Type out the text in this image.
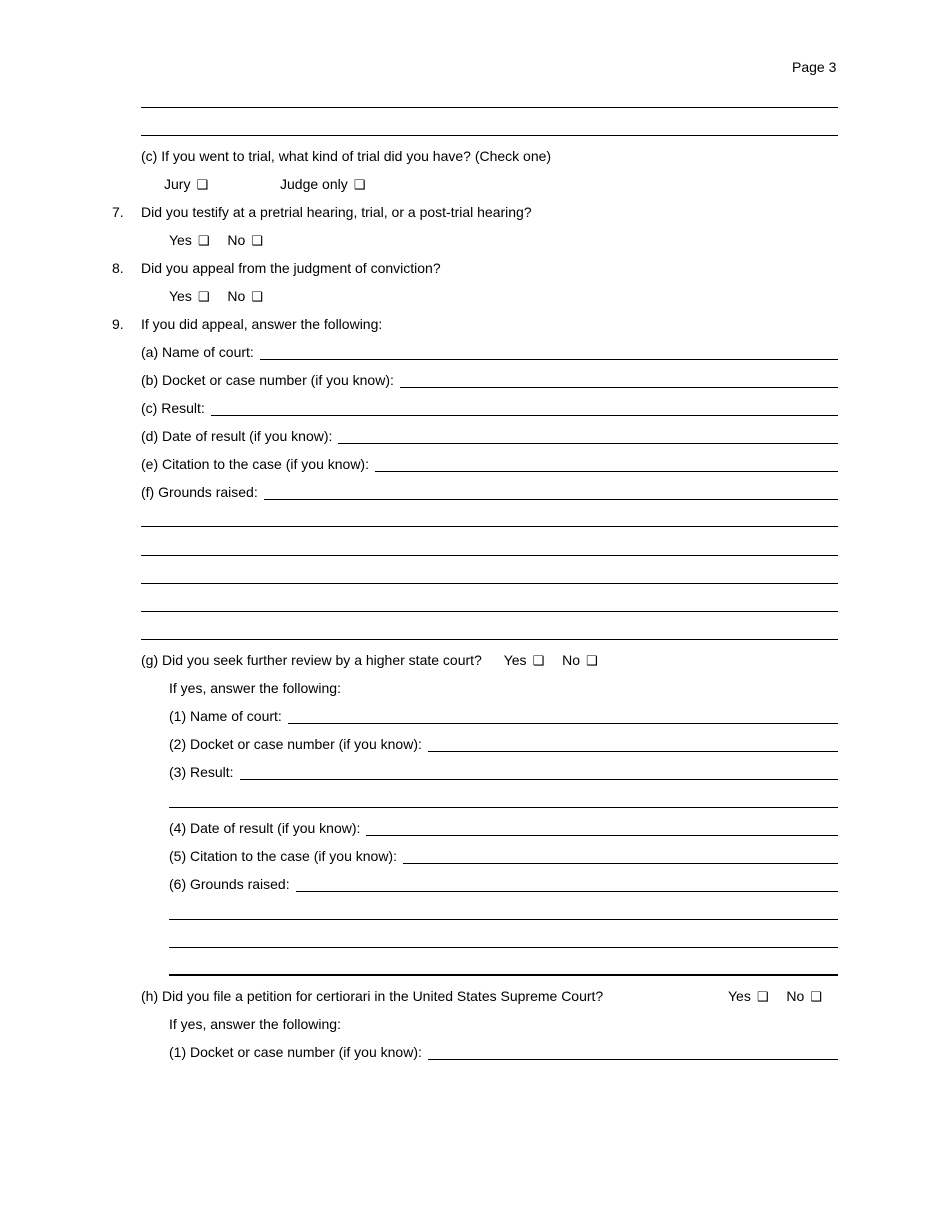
Page 3
(c) If you went to trial, what kind of trial did you have? (Check one)
Jury ❑	Judge only ❑
7. Did you testify at a pretrial hearing, trial, or a post-trial hearing?
Yes ❑ No ❑
8. Did you appeal from the judgment of conviction?
Yes ❑ No ❑
9. If you did appeal, answer the following:
(a) Name of court:
(b) Docket or case number (if you know):
(c) Result:
(d) Date of result (if you know):
(e) Citation to the case (if you know):
(f) Grounds raised:
(g) Did you seek further review by a higher state court? Yes ❑ No ❑
If yes, answer the following:
(1) Name of court:
(2) Docket or case number (if you know):
(3) Result:
(4) Date of result (if you know):
(5) Citation to the case (if you know):
(6) Grounds raised:
(h) Did you file a petition for certiorari in the United States Supreme Court?	Yes ❑ No ❑
If yes, answer the following:
(1) Docket or case number (if you know):
